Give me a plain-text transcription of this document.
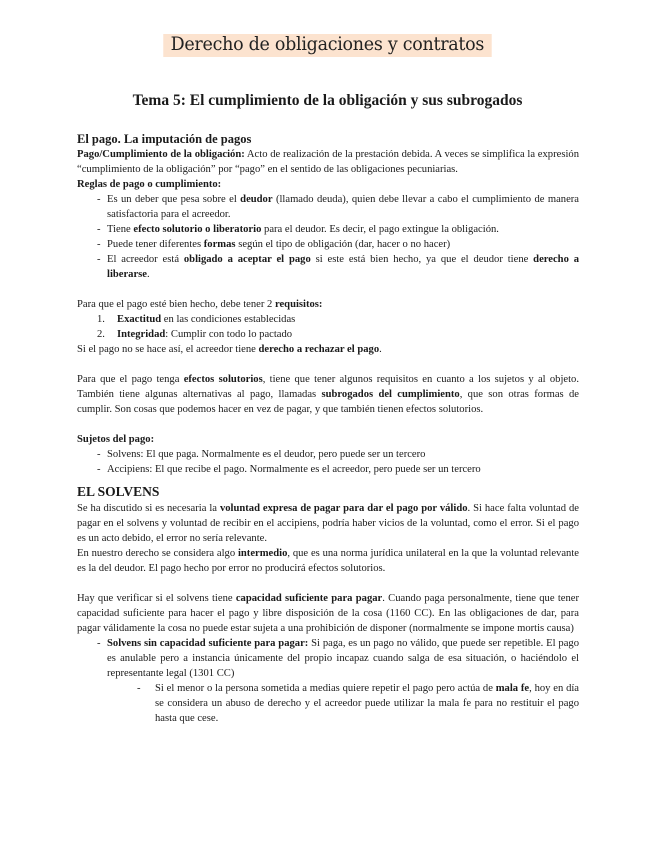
Derecho de obligaciones y contratos
Tema 5: El cumplimiento de la obligación y sus subrogados
El pago. La imputación de pagos

Pago/Cumplimiento de la obligación: Acto de realización de la prestación debida. A veces se simplifica la expresión “cumplimiento de la obligación” por “pago” en el sentido de las obligaciones pecuniarias.

Reglas de pago o cumplimiento:

- Es un deber que pesa sobre el deudor (llamado deuda), quien debe llevar a cabo el cumplimiento de manera satisfactoria para el acreedor.
- Tiene efecto solutorio o liberatorio para el deudor. Es decir, el pago extingue la obligación.
- Puede tener diferentes formas según el tipo de obligación (dar, hacer o no hacer)
- El acreedor está obligado a aceptar el pago si este está bien hecho, ya que el deudor tiene derecho a liberarse.

Para que el pago esté bien hecho, debe tener 2 requisitos:

1. Exactitud en las condiciones establecidas
2. Integridad: Cumplir con todo lo pactado

Si el pago no se hace así, el acreedor tiene derecho a rechazar el pago.

Para que el pago tenga efectos solutorios, tiene que tener algunos requisitos en cuanto a los sujetos y al objeto. También tiene algunas alternativas al pago, llamadas subrogados del cumplimiento, que son otras formas de cumplir. Son cosas que podemos hacer en vez de pagar, y que también tienen efectos solutorios.

Sujetos del pago:

- Solvens: El que paga. Normalmente es el deudor, pero puede ser un tercero
- Accipiens: El que recibe el pago. Normalmente es el acreedor, pero puede ser un tercero
EL SOLVENS

Se ha discutido si es necesaria la voluntad expresa de pagar para dar el pago por válido. Si hace falta voluntad de pagar en el solvens y voluntad de recibir en el accipiens, podría haber vicios de la voluntad, como el error. Si el pago es un acto debido, el error no sería relevante.

En nuestro derecho se considera algo intermedio, que es una norma jurídica unilateral en la que la voluntad relevante es la del deudor. El pago hecho por error no producirá efectos solutorios.

Hay que verificar si el solvens tiene capacidad suficiente para pagar. Cuando paga personalmente, tiene que tener capacidad suficiente para hacer el pago y libre disposición de la cosa (1160 CC). En las obligaciones de dar, para pagar válidamente la cosa no puede estar sujeta a una prohibición de disponer (normalmente se impone mortis causa)

- Solvens sin capacidad suficiente para pagar: Si paga, es un pago no válido, que puede ser repetible. El pago es anulable pero a instancia únicamente del propio incapaz cuando salga de esa situación, o haciéndolo el representante legal (1301 CC)
- Si el menor o la persona sometida a medias quiere repetir el pago pero actúa de mala fe, hoy en día se considera un abuso de derecho y el acreedor puede utilizar la mala fe para no restituir el pago hasta que cese.
